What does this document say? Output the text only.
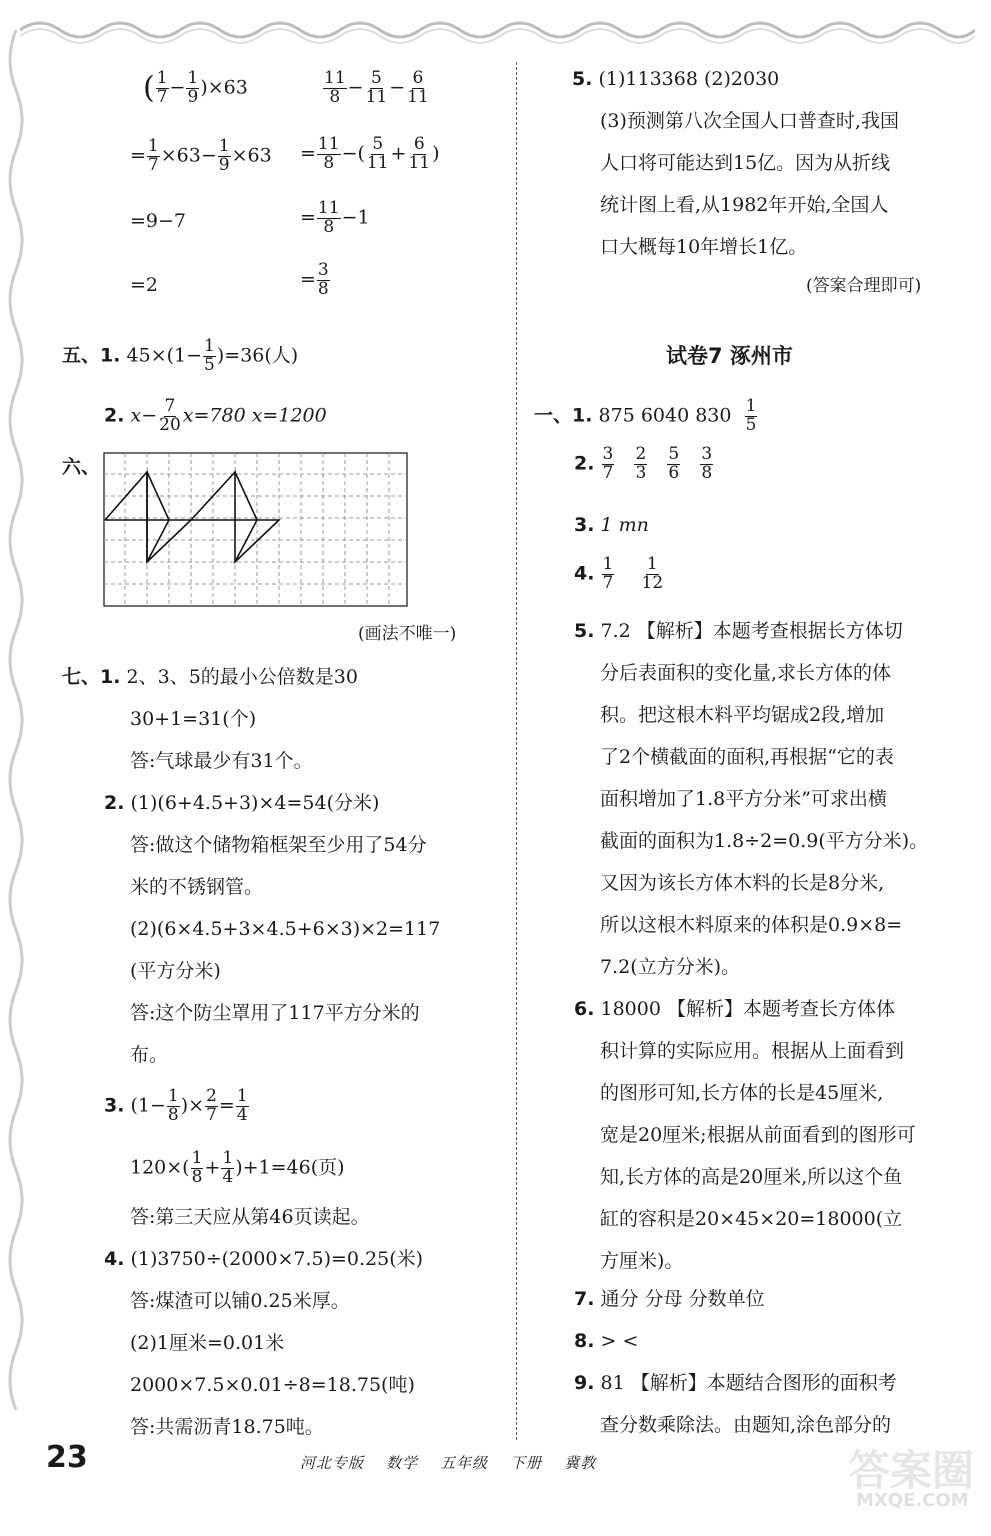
( $\frac{1}{7} - \frac{1}{9} )\times 63$
= $\frac{1}{7} \times 63- \frac{1}{9} \times 63$
=9−7
=2
$\frac{11}{8} - \frac{5}{11} - \frac{6}{11}$
= $\frac{11}{8}$ −( $\frac{5}{11} + \frac{6}{11}$ )
= $\frac{11}{8} -1$
= $\frac{3}{8}$
五、1. $45\times(1- \frac{1}{5} )=36$(人)
2. $x- \frac{7}{20} x=780$ x=1200
六、
(画法不唯一)
七、1. 2、3、5的最小公倍数是30
30+1=31(个)
答:气球最少有31个。
2. (1)(6+4.5+3)×4=54(分米)
答:做这个储物箱框架至少用了54分
米的不锈钢管。
(2)(6×4.5+3×4.5+6×3)×2=117
(平方分米)
答:这个防尘罩用了117平方分米的
布。
3. ($1- \frac{1}{8}$ )× $\frac{2}{7} = \frac{1}{4}$
$120\times( \frac{1}{8} + \frac{1}{4} )+1=46$(页)
答:第三天应从第46页读起。
4. (1)3750÷(2000×7.5)=0.25(米)
答:煤渣可以铺0.25米厚。
(2)1厘米=0.01米
2000×7.5×0.01÷8=18.75(吨)
答:共需沥青18.75吨。
5. (1)113368 (2)2030
(3)预测第八次全国人口普查时,我国
人口将可能达到15亿。因为从折线
统计图上看,从1982年开始,全国人
口大概每10年增长1亿。
(答案合理即可)
试卷7 涿州市
一、1. 875 6040 $830 \frac{1}{5}$
2. $\frac{3}{7}$
$\frac{2}{3}$
$\frac{5}{6}$
$\frac{3}{8}$
3. 1 mn
4. $\frac{1}{7}$
$\frac{1}{12}$
5. 7.2 【解析】本题考查根据长方体切
分后表面积的变化量,求长方体的体
积。把这根木料平均锯成2段,增加
了2个横截面的面积,再根据“它的表
面积增加了1.8平方分米”可求出横
截面的面积为1.8÷2=0.9(平方分米)。
又因为该长方体木料的长是8分米,
所以这根木料原来的体积是0.9×8=
7.2(立方分米)。
6. 18000 【解析】本题考查长方体体
积计算的实际应用。根据从上面看到
的图形可知,长方体的长是45厘米,
宽是20厘米;根据从前面看到的图形可
知,长方体的高是20厘米,所以这个鱼
缸的容积是20×45×20=18000(立
方厘米)。
7. 通分 分母 分数单位
8. > <
9. 81 【解析】本题结合图形的面积考
查分数乘除法。由题知,涂色部分的
23	河北专版 数学 五年级 下册 冀教	答案圈
MXQE.COM
